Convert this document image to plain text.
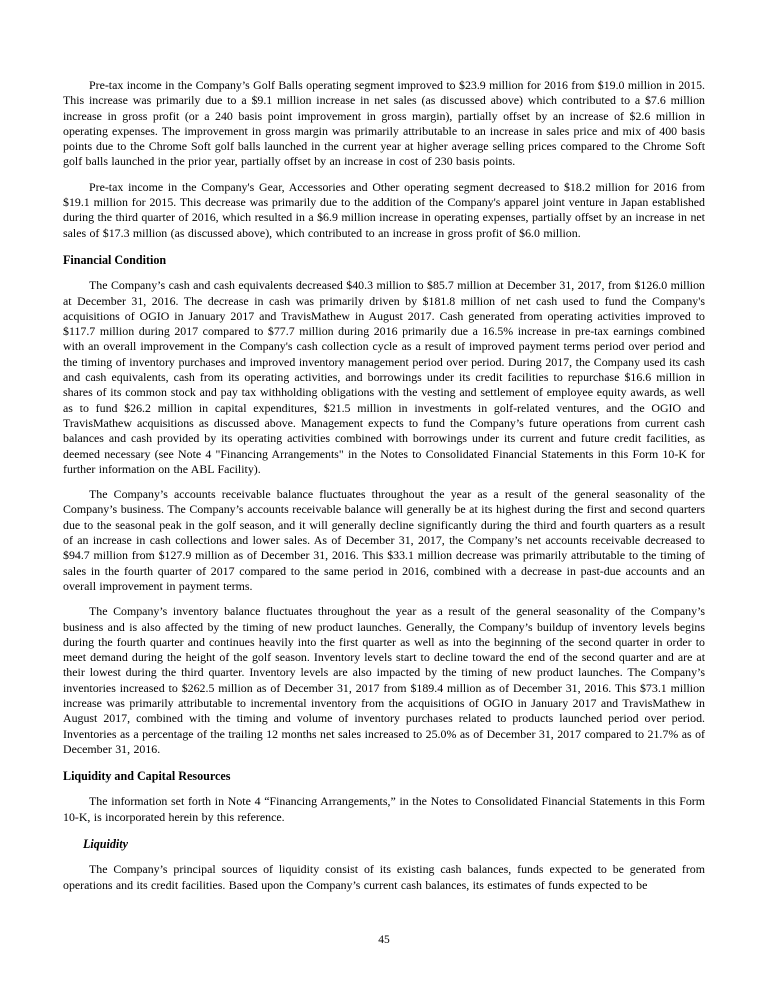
Pre-tax income in the Company’s Golf Balls operating segment improved to $23.9 million for 2016 from $19.0 million in 2015. This increase was primarily due to a $9.1 million increase in net sales (as discussed above) which contributed to a $7.6 million increase in gross profit (or a 240 basis point improvement in gross margin), partially offset by an increase of $2.6 million in operating expenses. The improvement in gross margin was primarily attributable to an increase in sales price and mix of 400 basis points due to the Chrome Soft golf balls launched in the current year at higher average selling prices compared to the Chrome Soft golf balls launched in the prior year, partially offset by an increase in cost of 230 basis points.

Pre-tax income in the Company's Gear, Accessories and Other operating segment decreased to $18.2 million for 2016 from $19.1 million for 2015. This decrease was primarily due to the addition of the Company's apparel joint venture in Japan established during the third quarter of 2016, which resulted in a $6.9 million increase in operating expenses, partially offset by an increase in net sales of $17.3 million (as discussed above), which contributed to an increase in gross profit of $6.0 million.

Financial Condition

The Company’s cash and cash equivalents decreased $40.3 million to $85.7 million at December 31, 2017, from $126.0 million at December 31, 2016. The decrease in cash was primarily driven by $181.8 million of net cash used to fund the Company's acquisitions of OGIO in January 2017 and TravisMathew in August 2017. Cash generated from operating activities improved to $117.7 million during 2017 compared to $77.7 million during 2016 primarily due a 16.5% increase in pre-tax earnings combined with an overall improvement in the Company's cash collection cycle as a result of improved payment terms period over period and the timing of inventory purchases and improved inventory management period over period. During 2017, the Company used its cash and cash equivalents, cash from its operating activities, and borrowings under its credit facilities to repurchase $16.6 million in shares of its common stock and pay tax withholding obligations with the vesting and settlement of employee equity awards, as well as to fund $26.2 million in capital expenditures, $21.5 million in investments in golf-related ventures, and the OGIO and TravisMathew acquisitions as discussed above. Management expects to fund the Company’s future operations from current cash balances and cash provided by its operating activities combined with borrowings under its current and future credit facilities, as deemed necessary (see Note 4 "Financing Arrangements" in the Notes to Consolidated Financial Statements in this Form 10-K for further information on the ABL Facility).

The Company’s accounts receivable balance fluctuates throughout the year as a result of the general seasonality of the Company’s business. The Company’s accounts receivable balance will generally be at its highest during the first and second quarters due to the seasonal peak in the golf season, and it will generally decline significantly during the third and fourth quarters as a result of an increase in cash collections and lower sales. As of December 31, 2017, the Company’s net accounts receivable decreased to $94.7 million from $127.9 million as of December 31, 2016. This $33.1 million decrease was primarily attributable to the timing of sales in the fourth quarter of 2017 compared to the same period in 2016, combined with a decrease in past-due accounts and an overall improvement in payment terms.

The Company’s inventory balance fluctuates throughout the year as a result of the general seasonality of the Company’s business and is also affected by the timing of new product launches. Generally, the Company’s buildup of inventory levels begins during the fourth quarter and continues heavily into the first quarter as well as into the beginning of the second quarter in order to meet demand during the height of the golf season. Inventory levels start to decline toward the end of the second quarter and are at their lowest during the third quarter. Inventory levels are also impacted by the timing of new product launches. The Company’s inventories increased to $262.5 million as of December 31, 2017 from $189.4 million as of December 31, 2016. This $73.1 million increase was primarily attributable to incremental inventory from the acquisitions of OGIO in January 2017 and TravisMathew in August 2017, combined with the timing and volume of inventory purchases related to products launched period over period. Inventories as a percentage of the trailing 12 months net sales increased to 25.0% as of December 31, 2017 compared to 21.7% as of December 31, 2016.

Liquidity and Capital Resources

The information set forth in Note 4 “Financing Arrangements,” in the Notes to Consolidated Financial Statements in this Form 10-K, is incorporated herein by this reference.

Liquidity

The Company’s principal sources of liquidity consist of its existing cash balances, funds expected to be generated from operations and its credit facilities. Based upon the Company’s current cash balances, its estimates of funds expected to be

45
